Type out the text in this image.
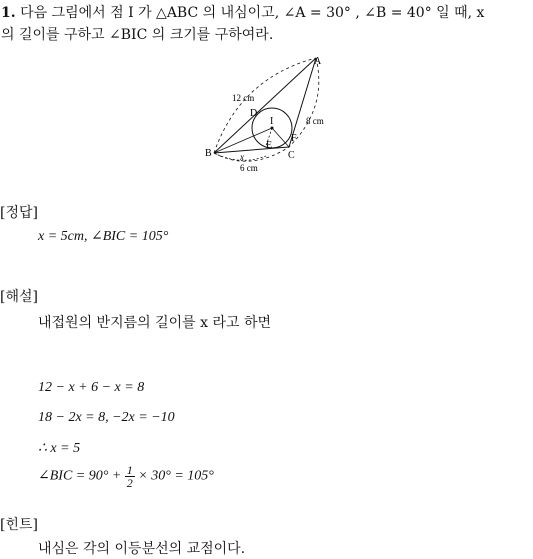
1. 다음 그림에서 점 I 가 △ABC 의 내심이고, ∠A = 30° , ∠B = 40° 일 때, x
의 길이를 구하고 ∠BIC 의 크기를 구하여라.
A
B	C
D
E
F
I
12 cm
8 cm
6 cm
x
[정답]
x = 5cm, ∠BIC = 105°
[해설]
내접원의 반지름의 길이를 x 라고 하면
12 − x + 6 − x = 8
18 − 2x = 8, −2x = −10
∴ x = 5
∠BIC = $90^\circ + \frac{1}{2} \times 30^\circ = 105^\circ$
[힌트]
내심은 각의 이등분선의 교점이다.
